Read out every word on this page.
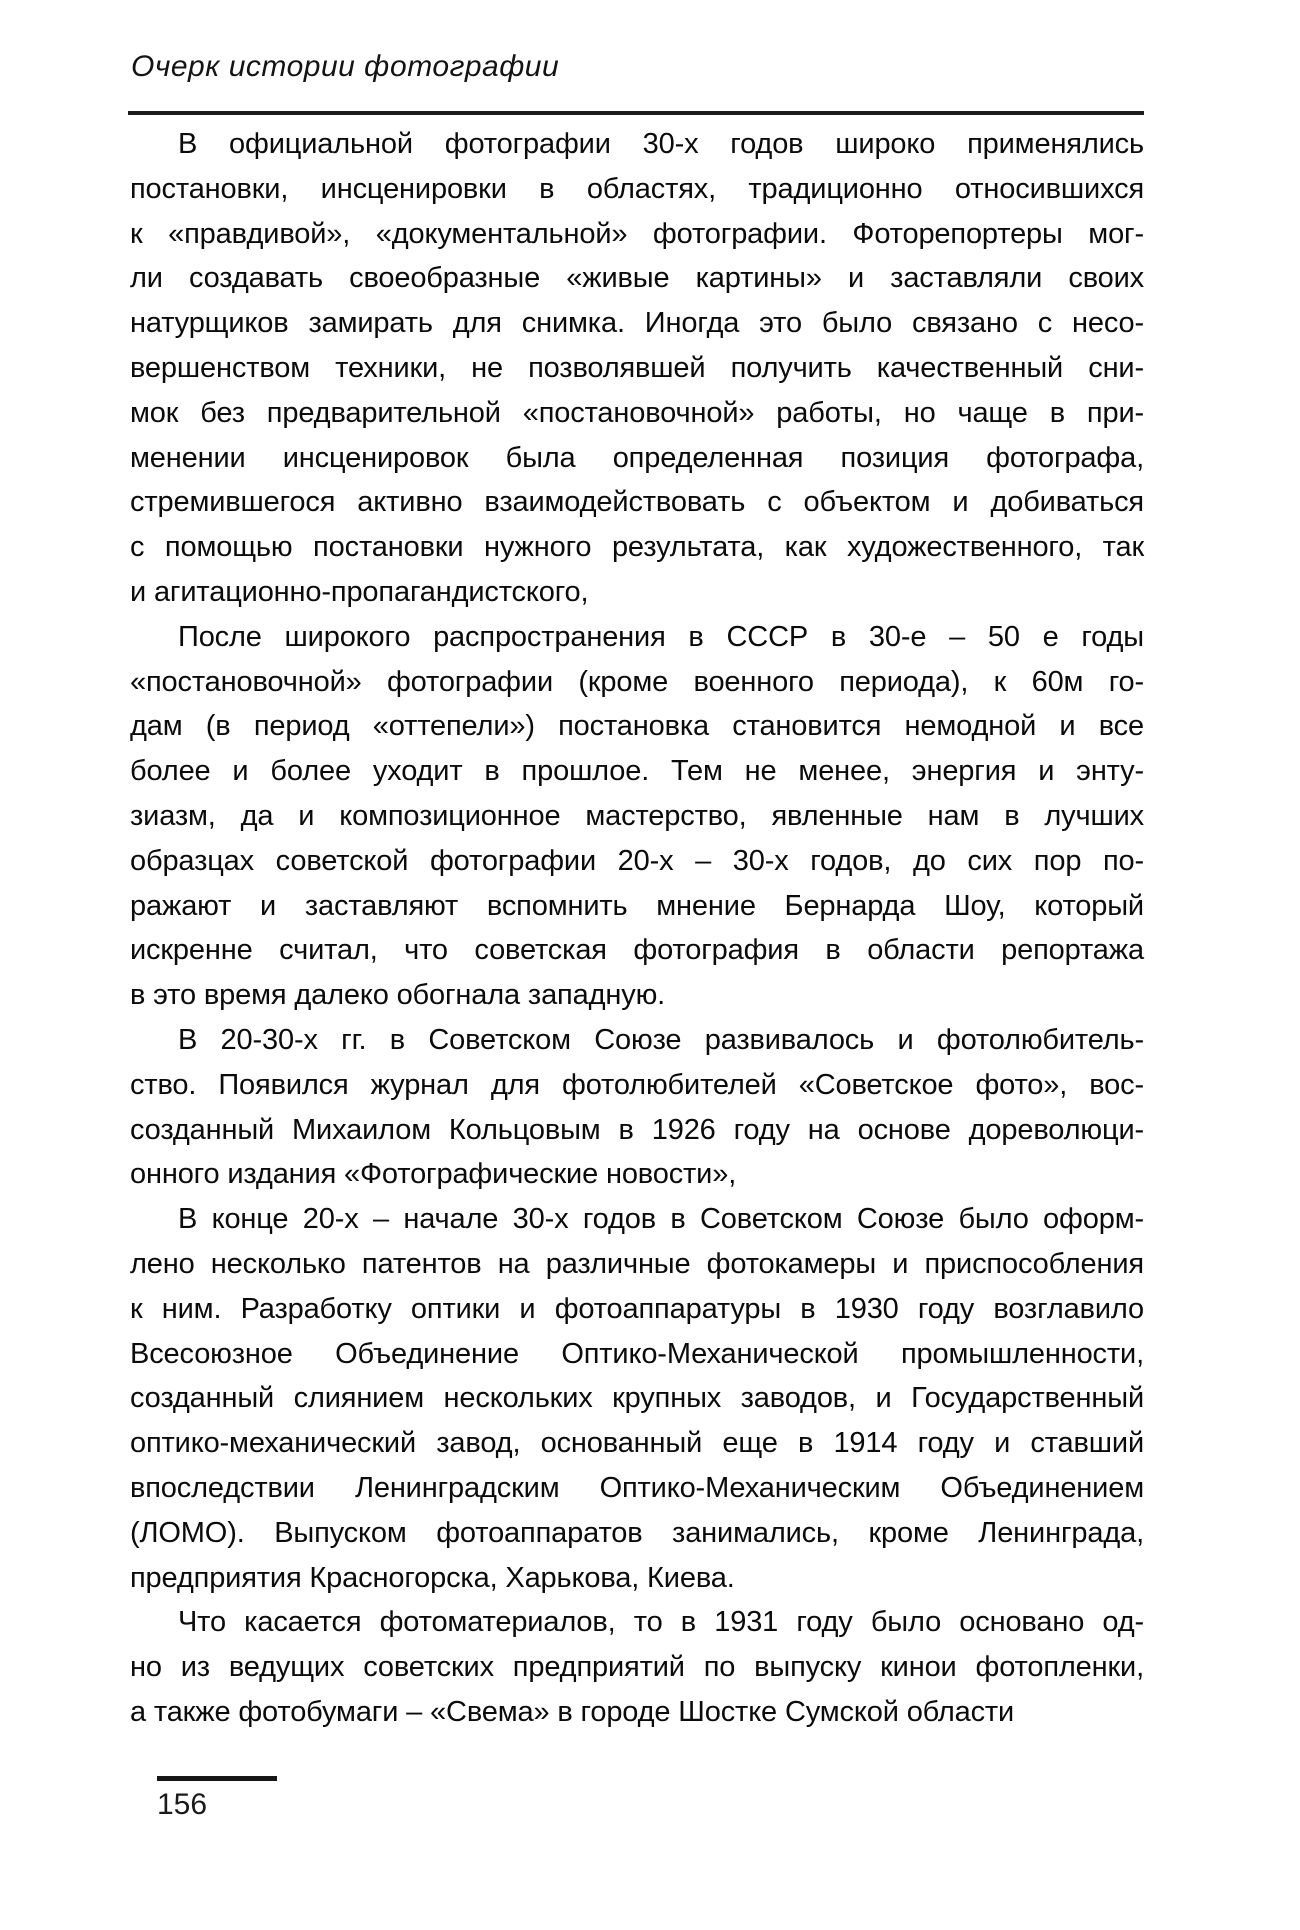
Очерк истории фотографии
В официальной фотографии 30-х годов широко применялись
постановки, инсценировки в областях, традиционно относившихся
к «правдивой», «документальной» фотографии. Фоторепортеры мог-
ли создавать своеобразные «живые картины» и заставляли своих
натурщиков замирать для снимка. Иногда это было связано с несо-
вершенством техники, не позволявшей получить качественный сни-
мок без предварительной «постановочной» работы, но чаще в при-
менении инсценировок была определенная позиция фотографа,
стремившегося активно взаимодействовать с объектом и добиваться
с помощью постановки нужного результата, как художественного, так
и агитационно-пропагандистского,
После широкого распространения в СССР в 30-е – 50 е годы
«постановочной» фотографии (кроме военного периода), к 60м го-
дам (в период «оттепели») постановка становится немодной и все
более и более уходит в прошлое. Тем не менее, энергия и энту-
зиазм, да и композиционное мастерство, явленные нам в лучших
образцах советской фотографии 20-х – 30-х годов, до сих пор по-
ражают и заставляют вспомнить мнение Бернарда Шоу, который
искренне считал, что советская фотография в области репортажа
в это время далеко обогнала западную.
В 20-30-х гг. в Советском Союзе развивалось и фотолюбитель-
ство. Появился журнал для фотолюбителей «Советское фото», вос-
созданный Михаилом Кольцовым в 1926 году на основе дореволюци-
онного издания «Фотографические новости»,
В конце 20-х – начале 30-х годов в Советском Союзе было оформ-
лено несколько патентов на различные фотокамеры и приспособления
к ним. Разработку оптики и фотоаппаратуры в 1930 году возглавило
Всесоюзное Объединение Оптико-Механической промышленности,
созданный слиянием нескольких крупных заводов, и Государственный
оптико-механический завод, основанный еще в 1914 году и ставший
впоследствии Ленинградским Оптико-Механическим Объединением
(ЛОМО). Выпуском фотоаппаратов занимались, кроме Ленинграда,
предприятия Красногорска, Харькова, Киева.
Что касается фотоматериалов, то в 1931 году было основано од-
но из ведущих советских предприятий по выпуску кинои фотопленки,
а также фотобумаги – «Свема» в городе Шостке Сумской области
156
